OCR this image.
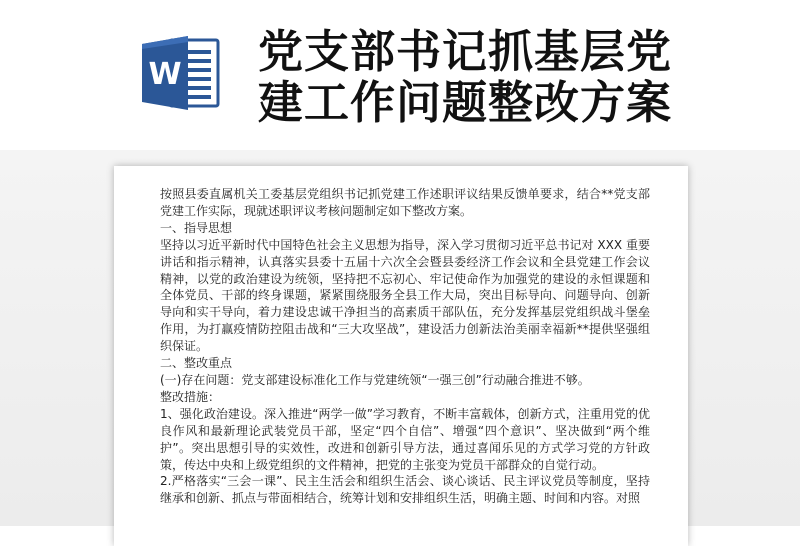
W 党支部书记抓基层党
建工作问题整改方案

按照县委直属机关工委基层党组织书记抓党建工作述职评议结果反馈单要求，结合**党支部党建工作实际，现就述职评议考核问题制定如下整改方案。

一、指导思想

坚持以习近平新时代中国特色社会主义思想为指导，深入学习贯彻习近平总书记对 XXX 重要讲话和指示精神，认真落实县委十五届十六次全会暨县委经济工作会议和全县党建工作会议精神，以党的政治建设为统领，坚持把不忘初心、牢记使命作为加强党的建设的永恒课题和全体党员、干部的终身课题，紧紧围绕服务全县工作大局，突出目标导向、问题导向、创新导向和实干导向，着力建设忠诚干净担当的高素质干部队伍，充分发挥基层党组织战斗堡垒作用，为打赢疫情防控阻击战和“三大攻坚战”，建设活力创新法治美丽幸福新**提供坚强组织保证。

二、整改重点

(一)存在问题：党支部建设标准化工作与党建统领“一强三创”行动融合推进不够。

整改措施：

1、强化政治建设。深入推进“两学一做”学习教育，不断丰富载体，创新方式，注重用党的优良作风和最新理论武装党员干部，坚定“四个自信”、增强“四个意识”、坚决做到“两个维护”。突出思想引导的实效性，改进和创新引导方法，通过喜闻乐见的方式学习党的方针政策，传达中央和上级党组织的文件精神，把党的主张变为党员干部群众的自觉行动。

2.严格落实“三会一课”、民主生活会和组织生活会、谈心谈话、民主评议党员等制度，坚持继承和创新、抓点与带面相结合，统筹计划和安排组织生活，明确主题、时间和内容。对照
